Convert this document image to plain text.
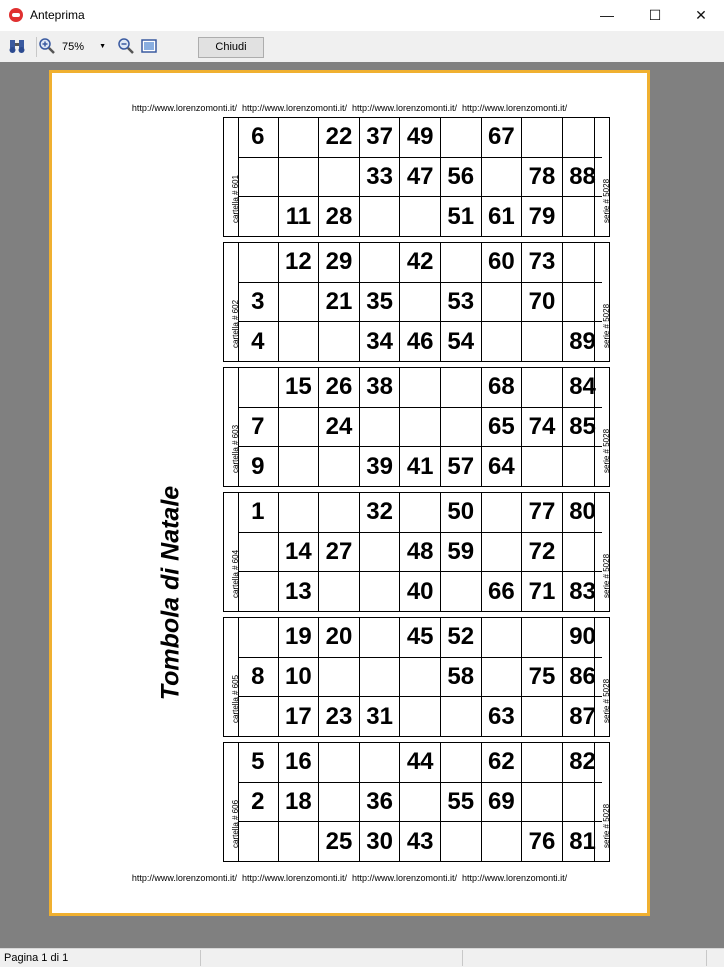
Anteprima	—	☐	✕
75% ▼	Chiudi
http://www.lorenzomonti.it/  http://www.lorenzomonti.it/  http://www.lorenzomonti.it/  http://www.lorenzomonti.it/
Tombola di Natale
cartella # 601
6		22	37	49		67		
			33	47	56		78	88
	11	28			51	61	79		serie # 5028
cartella # 602
	12	29		42		60	73	
3		21	35		53		70	
4			34	46	54			89 serie # 5028
cartella # 603
	15	26	38			68		84
7		24				65	74	85
9			39	41	57	64			serie # 5028
cartella # 604
1			32		50		77	80
	14	27		48	59		72	
	13			40		66	71	83 serie # 5028
cartella # 605
	19	20		45	52			90
8	10				58		75	86
	17	23	31			63		87 serie # 5028
cartella # 606
5	16			44		62		82
2	18		36		55	69		
		25	30	43			76	81 serie # 5028
http://www.lorenzomonti.it/  http://www.lorenzomonti.it/  http://www.lorenzomonti.it/  http://www.lorenzomonti.it/
Pagina 1 di 1
